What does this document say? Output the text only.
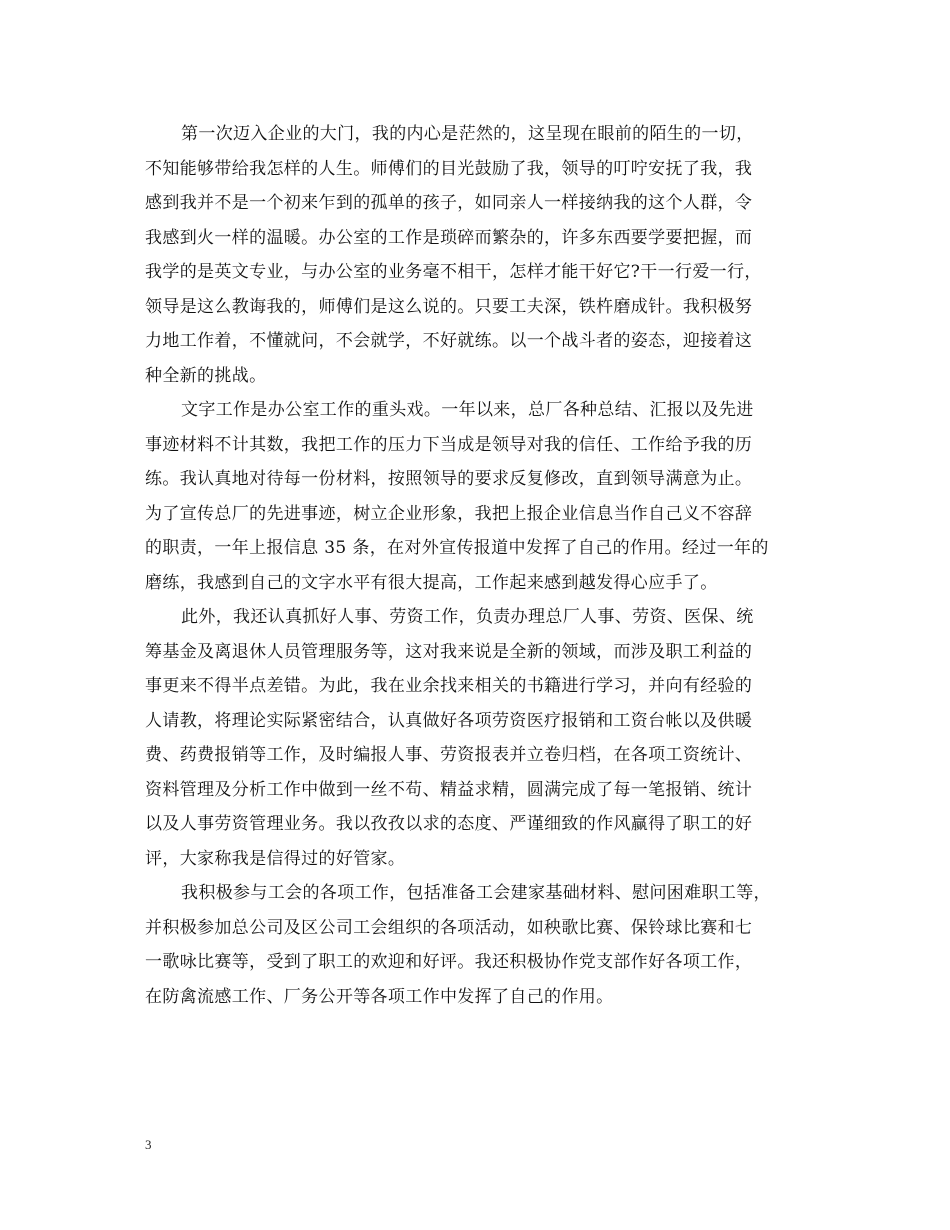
第一次迈入企业的大门，我的内心是茫然的，这呈现在眼前的陌生的一切，
不知能够带给我怎样的人生。师傅们的目光鼓励了我，领导的叮咛安抚了我，我
感到我并不是一个初来乍到的孤单的孩子，如同亲人一样接纳我的这个人群，令
我感到火一样的温暖。办公室的工作是琐碎而繁杂的，许多东西要学要把握，而
我学的是英文专业，与办公室的业务毫不相干，怎样才能干好它?干一行爱一行，
领导是这么教诲我的，师傅们是这么说的。只要工夫深，铁杵磨成针。我积极努
力地工作着，不懂就问，不会就学，不好就练。以一个战斗者的姿态，迎接着这
种全新的挑战。

文字工作是办公室工作的重头戏。一年以来，总厂各种总结、汇报以及先进
事迹材料不计其数，我把工作的压力下当成是领导对我的信任、工作给予我的历
练。我认真地对待每一份材料，按照领导的要求反复修改，直到领导满意为止。
为了宣传总厂的先进事迹，树立企业形象，我把上报企业信息当作自己义不容辞
的职责，一年上报信息 35 条，在对外宣传报道中发挥了自己的作用。经过一年的
磨练，我感到自己的文字水平有很大提高，工作起来感到越发得心应手了。

此外，我还认真抓好人事、劳资工作，负责办理总厂人事、劳资、医保、统
筹基金及离退休人员管理服务等，这对我来说是全新的领域，而涉及职工利益的
事更来不得半点差错。为此，我在业余找来相关的书籍进行学习，并向有经验的
人请教，将理论实际紧密结合，认真做好各项劳资医疗报销和工资台帐以及供暖
费、药费报销等工作，及时编报人事、劳资报表并立卷归档，在各项工资统计、
资料管理及分析工作中做到一丝不苟、精益求精，圆满完成了每一笔报销、统计
以及人事劳资管理业务。我以孜孜以求的态度、严谨细致的作风赢得了职工的好
评，大家称我是信得过的好管家。

我积极参与工会的各项工作，包括准备工会建家基础材料、慰问困难职工等，
并积极参加总公司及区公司工会组织的各项活动，如秧歌比赛、保铃球比赛和七
一歌咏比赛等，受到了职工的欢迎和好评。我还积极协作党支部作好各项工作，
在防禽流感工作、厂务公开等各项工作中发挥了自己的作用。

3
